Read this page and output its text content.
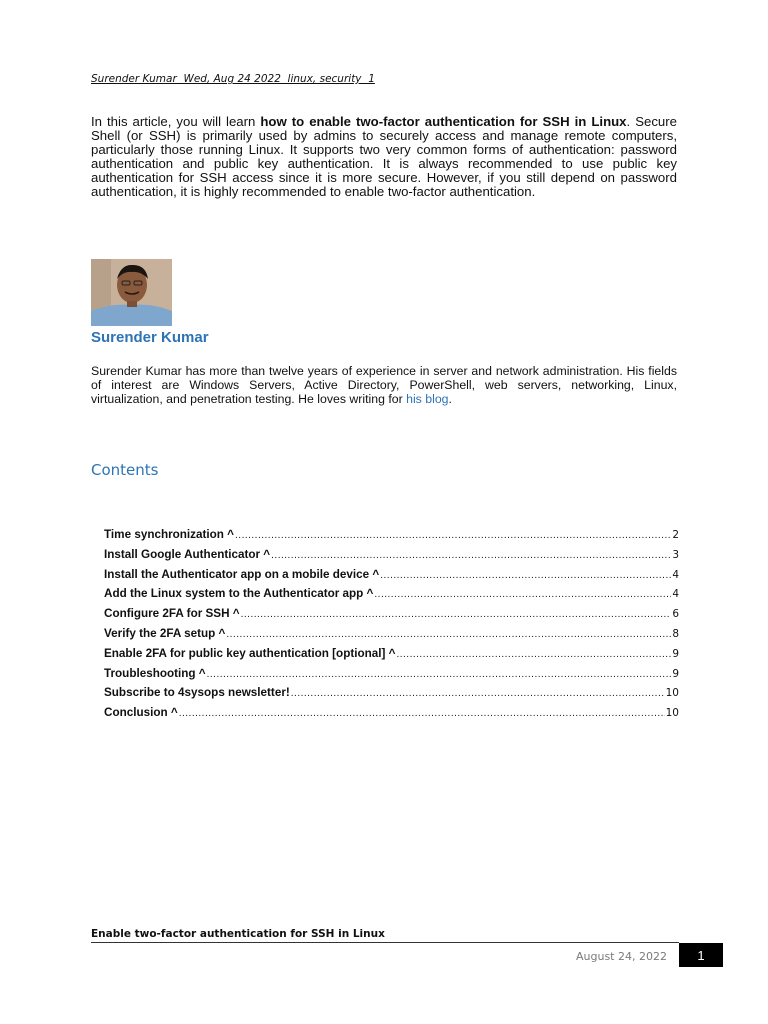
Surender Kumar  Wed, Aug 24 2022  linux, security  1

In this article, you will learn how to enable two-factor authentication for SSH in Linux. Secure Shell (or SSH) is primarily used by admins to securely access and manage remote computers, particularly those running Linux. It supports two very common forms of authentication: password authentication and public key authentication. It is always recommended to use public key authentication for SSH access since it is more secure. However, if you still depend on password authentication, it is highly recommended to enable two-factor authentication.

Surender Kumar

Surender Kumar has more than twelve years of experience in server and network administration. His fields of interest are Windows Servers, Active Directory, PowerShell, web servers, networking, Linux, virtualization, and penetration testing. He loves writing for his blog.

Contents
Time synchronization ^ .....	2
Install Google Authenticator ^ .....	3
Install the Authenticator app on a mobile device ^ .....	4
Add the Linux system to the Authenticator app ^ .....	4
Configure 2FA for SSH ^ .....	6
Verify the 2FA setup ^ .....	8
Enable 2FA for public key authentication [optional] ^ .....	9
Troubleshooting ^ .....	9
Subscribe to 4sysops newsletter! .....	10
Conclusion ^ .....	10
Enable two-factor authentication for SSH in Linux
August 24, 2022	1
